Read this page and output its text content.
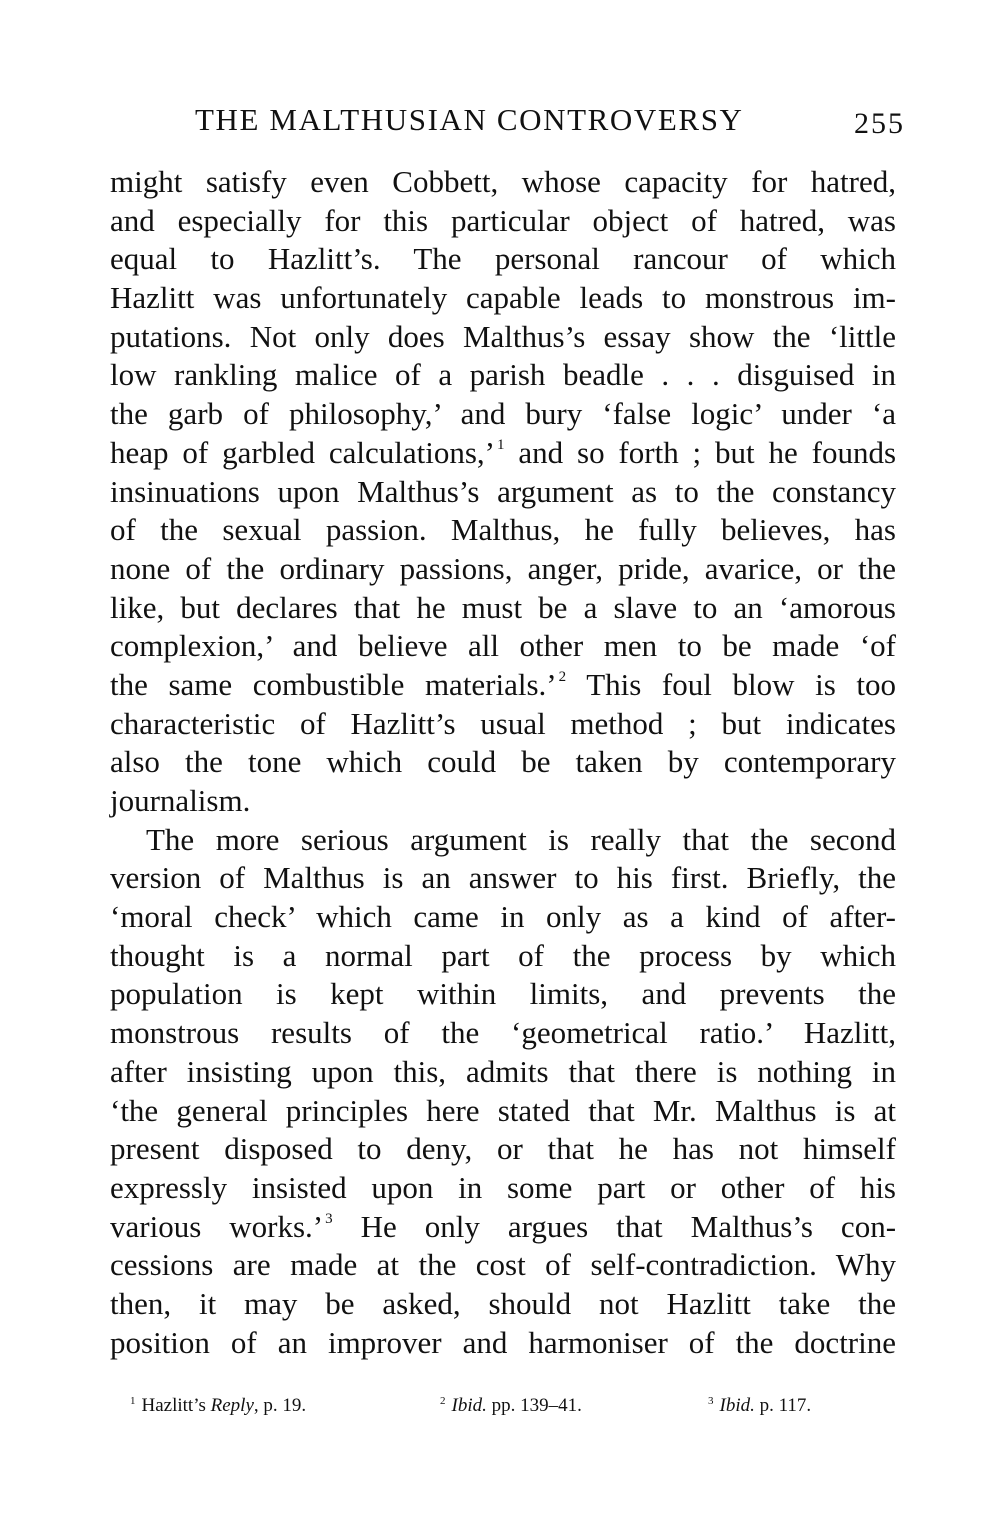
THE MALTHUSIAN CONTROVERSY	255
might satisfy even Cobbett, whose capacity for hatred,
and especially for this particular object of hatred, was
equal to Hazlitt’s. The personal rancour of which
Hazlitt was unfortunately capable leads to monstrous im-
putations. Not only does Malthus’s essay show the ‘little
low rankling malice of a parish beadle . . . disguised in
the garb of philosophy,’ and bury ‘false logic’ under ‘a
heap of garbled calculations,’ $^1$ and so forth ; but he founds
insinuations upon Malthus’s argument as to the constancy
of the sexual passion. Malthus, he fully believes, has
none of the ordinary passions, anger, pride, avarice, or the
like, but declares that he must be a slave to an ‘amorous
complexion,’ and believe all other men to be made ‘of
the same combustible materials.’ $^2$ This foul blow is too
characteristic of Hazlitt’s usual method ; but indicates
also the tone which could be taken by contemporary
journalism.
The more serious argument is really that the second
version of Malthus is an answer to his first. Briefly, the
‘moral check’ which came in only as a kind of after-
thought is a normal part of the process by which
population is kept within limits, and prevents the
monstrous results of the ‘geometrical ratio.’ Hazlitt,
after insisting upon this, admits that there is nothing in
‘the general principles here stated that Mr. Malthus is at
present disposed to deny, or that he has not himself
expressly insisted upon in some part or other of his
various works.’ $^3$ He only argues that Malthus’s con-
cessions are made at the cost of self-contradiction. Why
then, it may be asked, should not Hazlitt take the
position of an improver and harmoniser of the doctrine
$^1$ Hazlitt’s Reply, p. 19.	$^2$ Ibid. pp. 139–41.	$^3$ Ibid. p. 117.
